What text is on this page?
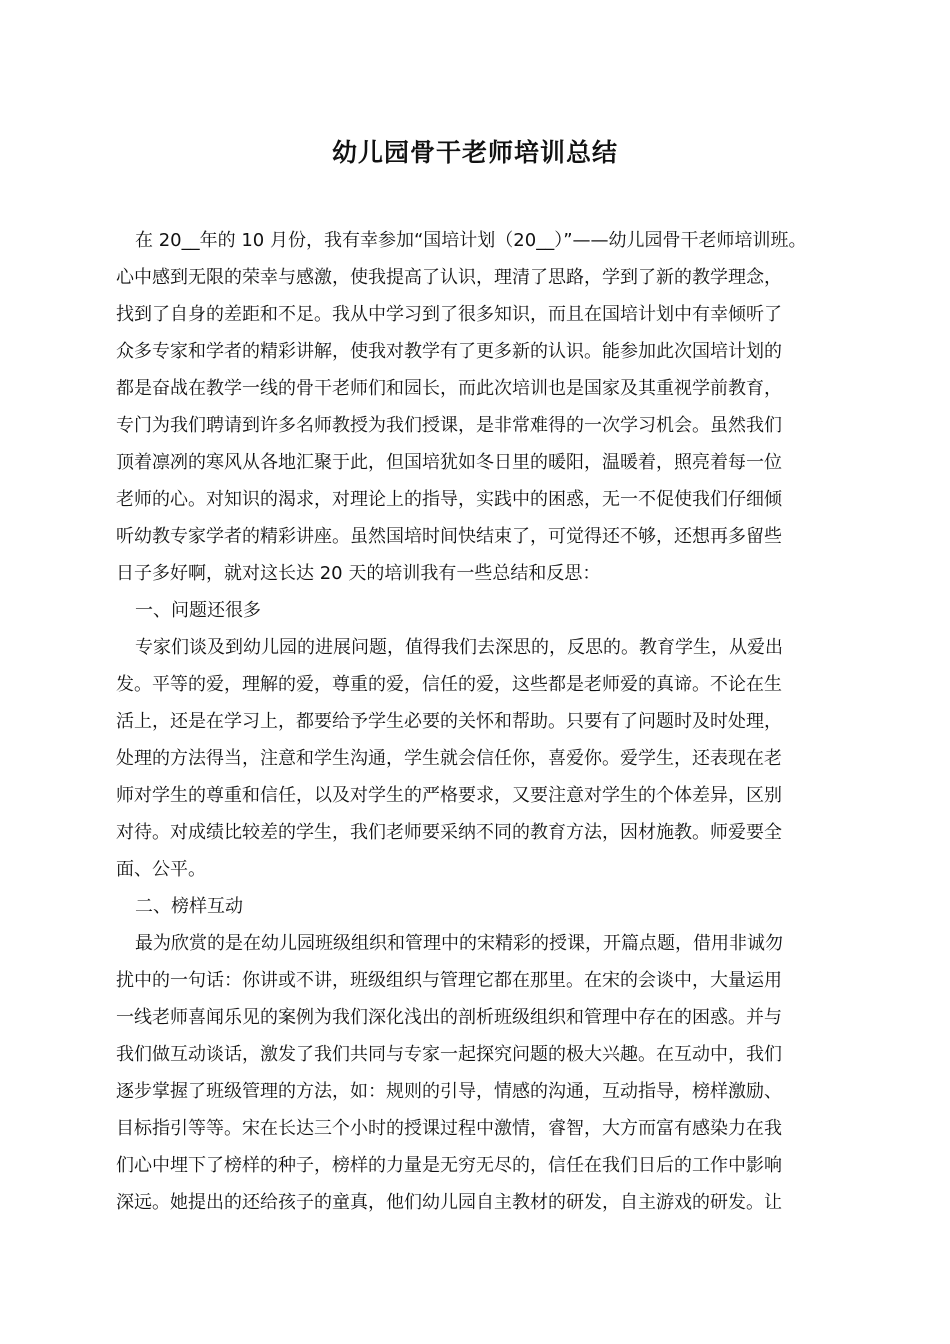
幼儿园骨干老师培训总结
在 20__年的 10 月份，我有幸参加“国培计划（20__）”——幼儿园骨干老师培训班。
心中感到无限的荣幸与感激，使我提高了认识，理清了思路，学到了新的教学理念，
找到了自身的差距和不足。我从中学习到了很多知识，而且在国培计划中有幸倾听了
众多专家和学者的精彩讲解，使我对教学有了更多新的认识。能参加此次国培计划的
都是奋战在教学一线的骨干老师们和园长，而此次培训也是国家及其重视学前教育，
专门为我们聘请到许多名师教授为我们授课，是非常难得的一次学习机会。虽然我们
顶着凛冽的寒风从各地汇聚于此，但国培犹如冬日里的暖阳，温暖着，照亮着每一位
老师的心。对知识的渴求，对理论上的指导，实践中的困惑，无一不促使我们仔细倾
听幼教专家学者的精彩讲座。虽然国培时间快结束了，可觉得还不够，还想再多留些
日子多好啊，就对这长达 20 天的培训我有一些总结和反思：
一、问题还很多
专家们谈及到幼儿园的进展问题，值得我们去深思的，反思的。教育学生，从爱出
发。平等的爱，理解的爱，尊重的爱，信任的爱，这些都是老师爱的真谛。不论在生
活上，还是在学习上，都要给予学生必要的关怀和帮助。只要有了问题时及时处理，
处理的方法得当，注意和学生沟通，学生就会信任你，喜爱你。爱学生，还表现在老
师对学生的尊重和信任，以及对学生的严格要求，又要注意对学生的个体差异，区别
对待。对成绩比较差的学生，我们老师要采纳不同的教育方法，因材施教。师爱要全
面、公平。
二、榜样互动
最为欣赏的是在幼儿园班级组织和管理中的宋精彩的授课，开篇点题，借用非诚勿
扰中的一句话：你讲或不讲，班级组织与管理它都在那里。在宋的会谈中，大量运用
一线老师喜闻乐见的案例为我们深化浅出的剖析班级组织和管理中存在的困惑。并与
我们做互动谈话，激发了我们共同与专家一起探究问题的极大兴趣。在互动中，我们
逐步掌握了班级管理的方法，如：规则的引导，情感的沟通，互动指导，榜样激励、
目标指引等等。宋在长达三个小时的授课过程中激情，睿智，大方而富有感染力在我
们心中埋下了榜样的种子，榜样的力量是无穷无尽的，信任在我们日后的工作中影响
深远。她提出的还给孩子的童真，他们幼儿园自主教材的研发，自主游戏的研发。让
